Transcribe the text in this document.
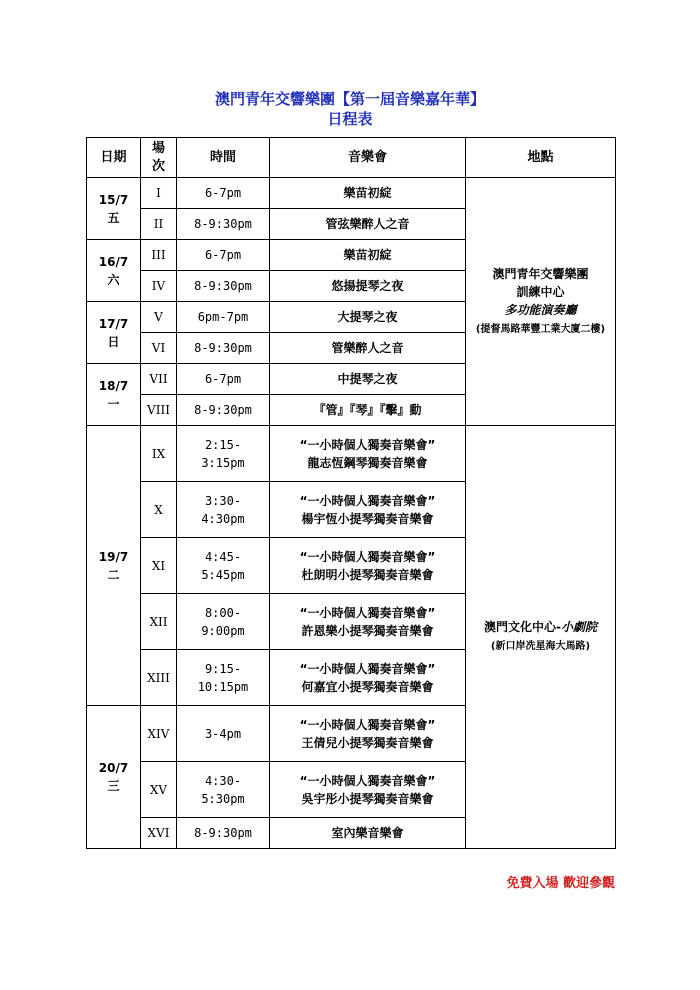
澳門青年交響樂團【第一屆音樂嘉年華】
日程表
日期	場
次	時間	音樂會	地點
15/7
五	I	6-7pm	樂苗初綻	澳門青年交響樂團
訓練中心
多功能演奏廳
(提督馬路華豐工業大廈二樓)
	II	8-9:30pm	管弦樂醉人之音	
16/7
六	III	6-7pm	樂苗初綻	
	IV	8-9:30pm	悠揚提琴之夜	
17/7
日	V	6pm-7pm	大提琴之夜	
	VI	8-9:30pm	管樂醉人之音	
18/7
一	VII	6-7pm	中提琴之夜	
	VIII	8-9:30pm	『管』『琴』『擊』動	
19/7
二	IX	2:15-
3:15pm	“一小時個人獨奏音樂會”
龍志恆鋼琴獨奏音樂會	澳門文化中心-小劇院
(新口岸冼星海大馬路)
	X	3:30-
4:30pm	“一小時個人獨奏音樂會”
楊宇恆小提琴獨奏音樂會	
	XI	4:45-
5:45pm	“一小時個人獨奏音樂會”
杜朗明小提琴獨奏音樂會	
	XII	8:00-
9:00pm	“一小時個人獨奏音樂會”
許恩樂小提琴獨奏音樂會	
	XIII	9:15-
10:15pm	“一小時個人獨奏音樂會”
何嘉宜小提琴獨奏音樂會	
20/7
三	XIV	3-4pm	“一小時個人獨奏音樂會”
王倩兒小提琴獨奏音樂會	
	XV	4:30-
5:30pm	“一小時個人獨奏音樂會”
吳宇彤小提琴獨奏音樂會	
	XVI	8-9:30pm	室內樂音樂會	
免費入場 歡迎參觀
